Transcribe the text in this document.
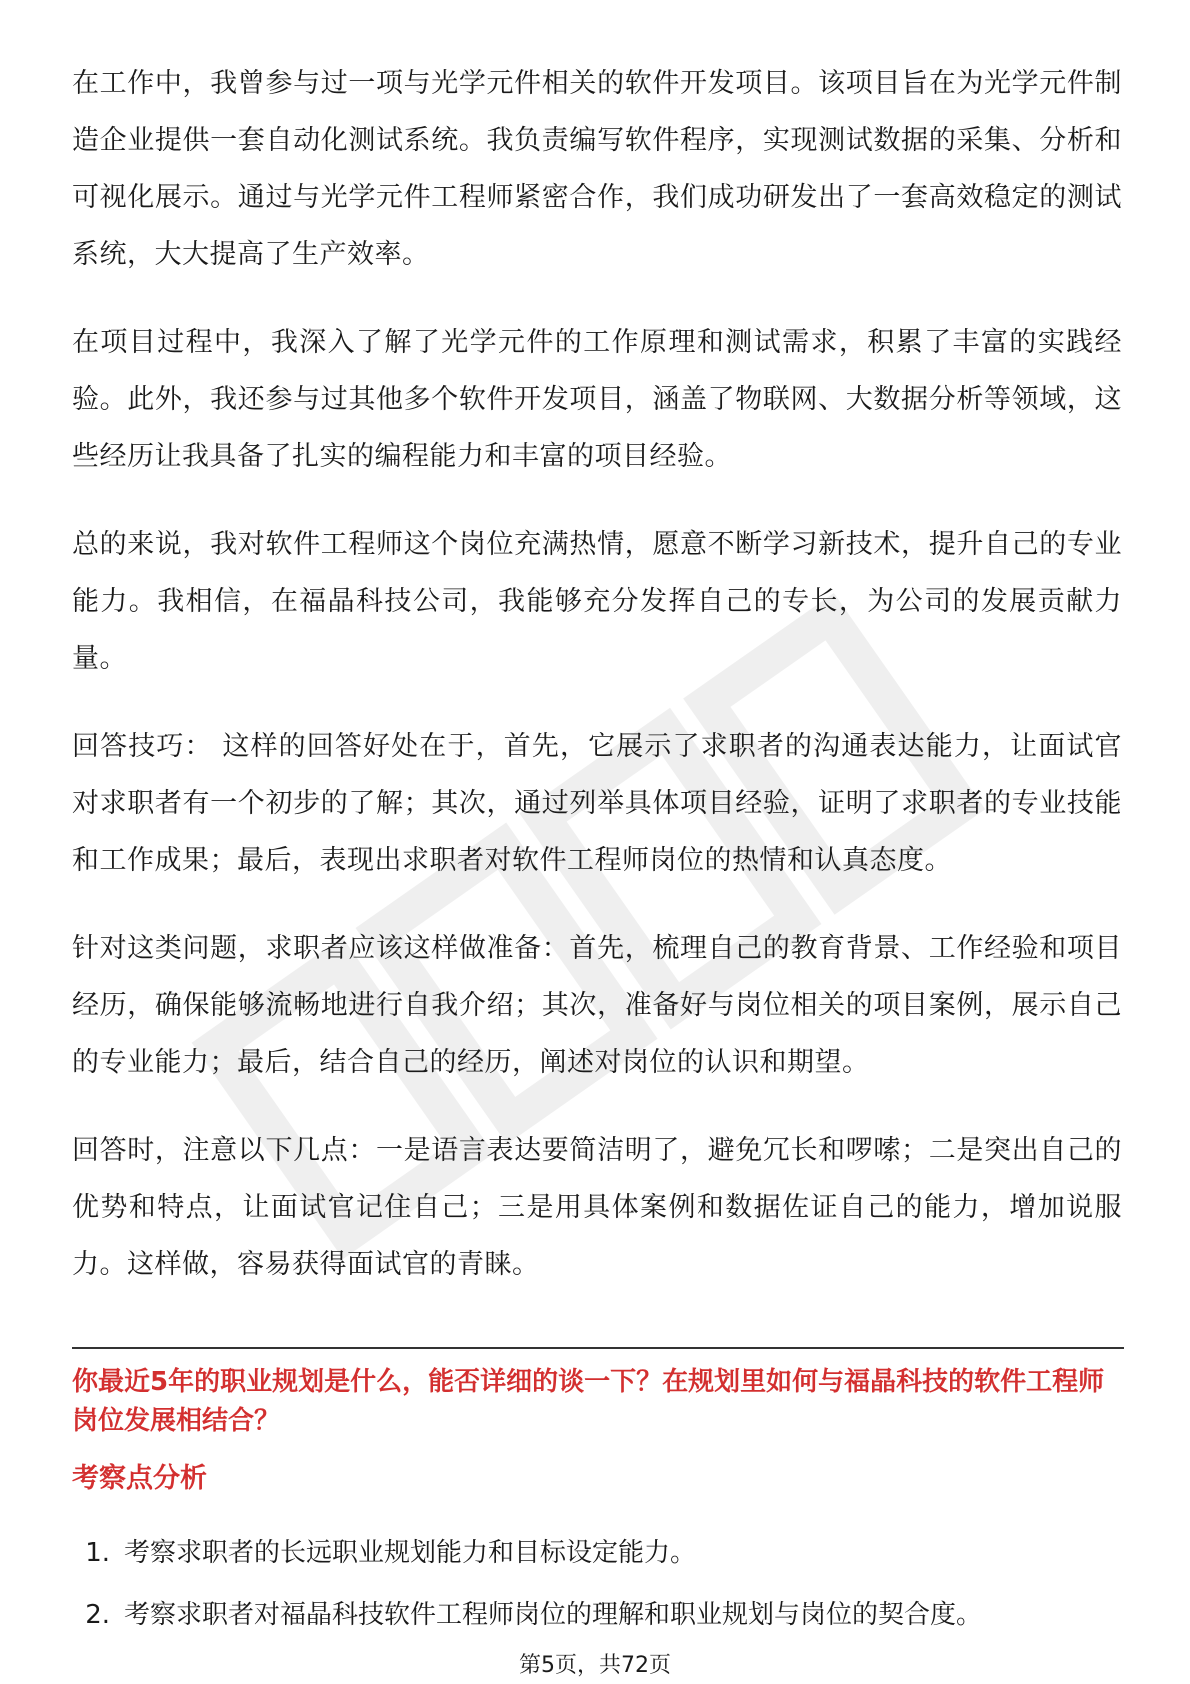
在工作中，我曾参与过一项与光学元件相关的软件开发项目。该项目旨在为光学元件制造企业提供一套自动化测试系统。我负责编写软件程序，实现测试数据的采集、分析和可视化展示。通过与光学元件工程师紧密合作，我们成功研发出了一套高效稳定的测试系统，大大提高了生产效率。

在项目过程中，我深入了解了光学元件的工作原理和测试需求，积累了丰富的实践经验。此外，我还参与过其他多个软件开发项目，涵盖了物联网、大数据分析等领域，这些经历让我具备了扎实的编程能力和丰富的项目经验。

总的来说，我对软件工程师这个岗位充满热情，愿意不断学习新技术，提升自己的专业能力。我相信，在福晶科技公司，我能够充分发挥自己的专长，为公司的发展贡献力量。

回答技巧： 这样的回答好处在于，首先，它展示了求职者的沟通表达能力，让面试官对求职者有一个初步的了解；其次，通过列举具体项目经验，证明了求职者的专业技能和工作成果；最后，表现出求职者对软件工程师岗位的热情和认真态度。

针对这类问题，求职者应该这样做准备：首先，梳理自己的教育背景、工作经验和项目经历，确保能够流畅地进行自我介绍；其次，准备好与岗位相关的项目案例，展示自己的专业能力；最后，结合自己的经历，阐述对岗位的认识和期望。

回答时，注意以下几点：一是语言表达要简洁明了，避免冗长和啰嗦；二是突出自己的优势和特点，让面试官记住自己；三是用具体案例和数据佐证自己的能力，增加说服力。这样做，容易获得面试官的青睐。

你最近5年的职业规划是什么，能否详细的谈一下？在规划里如何与福晶科技的软件工程师岗位发展相结合？
考察点分析
1. 考察求职者的长远职业规划能力和目标设定能力。
2. 考察求职者对福晶科技软件工程师岗位的理解和职业规划与岗位的契合度。
第5页，共72页
